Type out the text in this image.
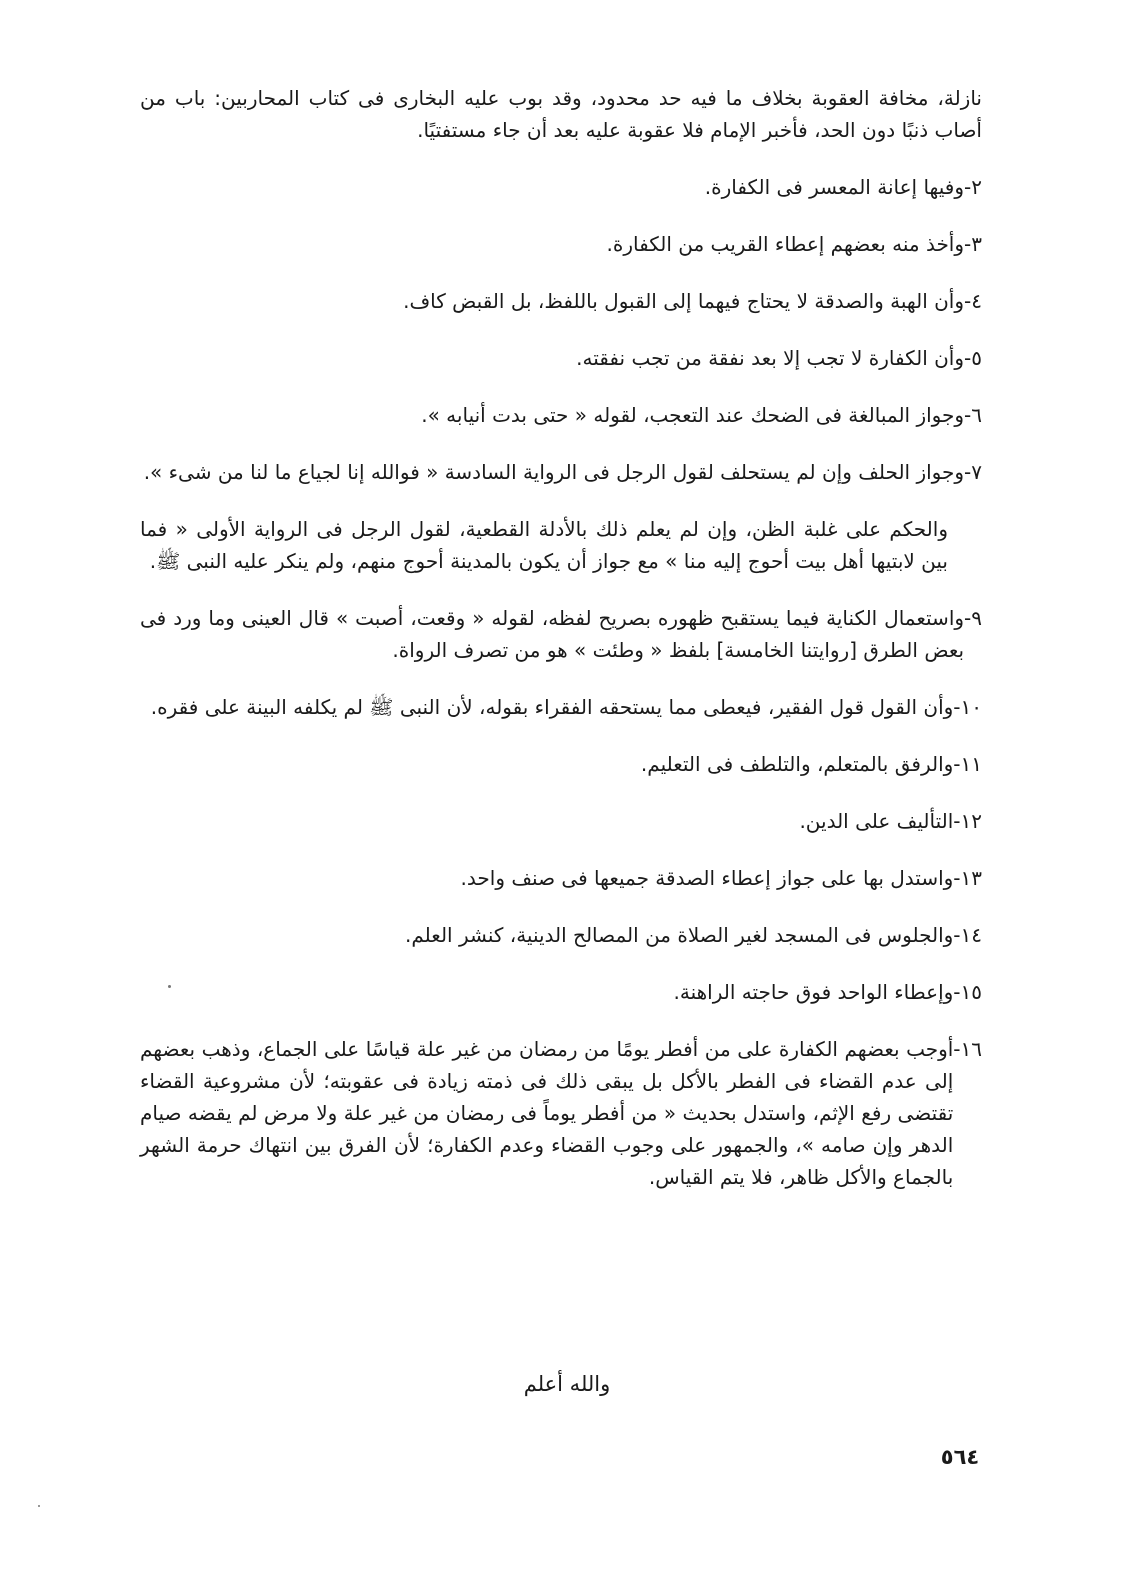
نازلة، مخافة العقوبة بخلاف ما فيه حد محدود، وقد بوب عليه البخارى فى كتاب المحاربين: باب من أصاب ذنبًا دون الحد، فأخبر الإمام فلا عقوبة عليه بعد أن جاء مستفتيًا.

٢-
وفيها إعانة المعسر فى الكفارة.
٣-
وأخذ منه بعضهم إعطاء القريب من الكفارة.
٤-
وأن الهبة والصدقة لا يحتاج فيهما إلى القبول باللفظ، بل القبض كاف.
٥-
وأن الكفارة لا تجب إلا بعد نفقة من تجب نفقته.
٦-
وجواز المبالغة فى الضحك عند التعجب، لقوله « حتى بدت أنيابه ».
٧-
وجواز الحلف وإن لم يستحلف لقول الرجل فى الرواية السادسة « فوالله إنا لجياع ما لنا من شىء ».

والحكم على غلبة الظن، وإن لم يعلم ذلك بالأدلة القطعية، لقول الرجل فى الرواية الأولى « فما بين لابتيها أهل بيت أحوج إليه منا » مع جواز أن يكون بالمدينة أحوج منهم، ولم ينكر عليه النبى ﷺ.

٩-
واستعمال الكناية فيما يستقبح ظهوره بصريح لفظه، لقوله « وقعت، أصبت » قال العينى وما ورد فى بعض الطرق [روايتنا الخامسة] بلفظ « وطئت » هو من تصرف الرواة.
١٠-
وأن القول قول الفقير، فيعطى مما يستحقه الفقراء بقوله، لأن النبى ﷺ لم يكلفه البينة على فقره.
١١-
والرفق بالمتعلم، والتلطف فى التعليم.
١٢-
التأليف على الدين.
١٣-
واستدل بها على جواز إعطاء الصدقة جميعها فى صنف واحد.
١٤-
والجلوس فى المسجد لغير الصلاة من المصالح الدينية، كنشر العلم.
١٥-
وإعطاء الواحد فوق حاجته الراهنة.
١٦-
أوجب بعضهم الكفارة على من أفطر يومًا من رمضان من غير علة قياسًا على الجماع، وذهب بعضهم إلى عدم القضاء فى الفطر بالأكل بل يبقى ذلك فى ذمته زيادة فى عقوبته؛ لأن مشروعية القضاء تقتضى رفع الإثم، واستدل بحديث « من أفطر يوماً فى رمضان من غير علة ولا مرض لم يقضه صيام الدهر وإن صامه »، والجمهور على وجوب القضاء وعدم الكفارة؛ لأن الفرق بين انتهاك حرمة الشهر بالجماع والأكل ظاهر، فلا يتم القياس.
والله أعلم
٥٦٤
